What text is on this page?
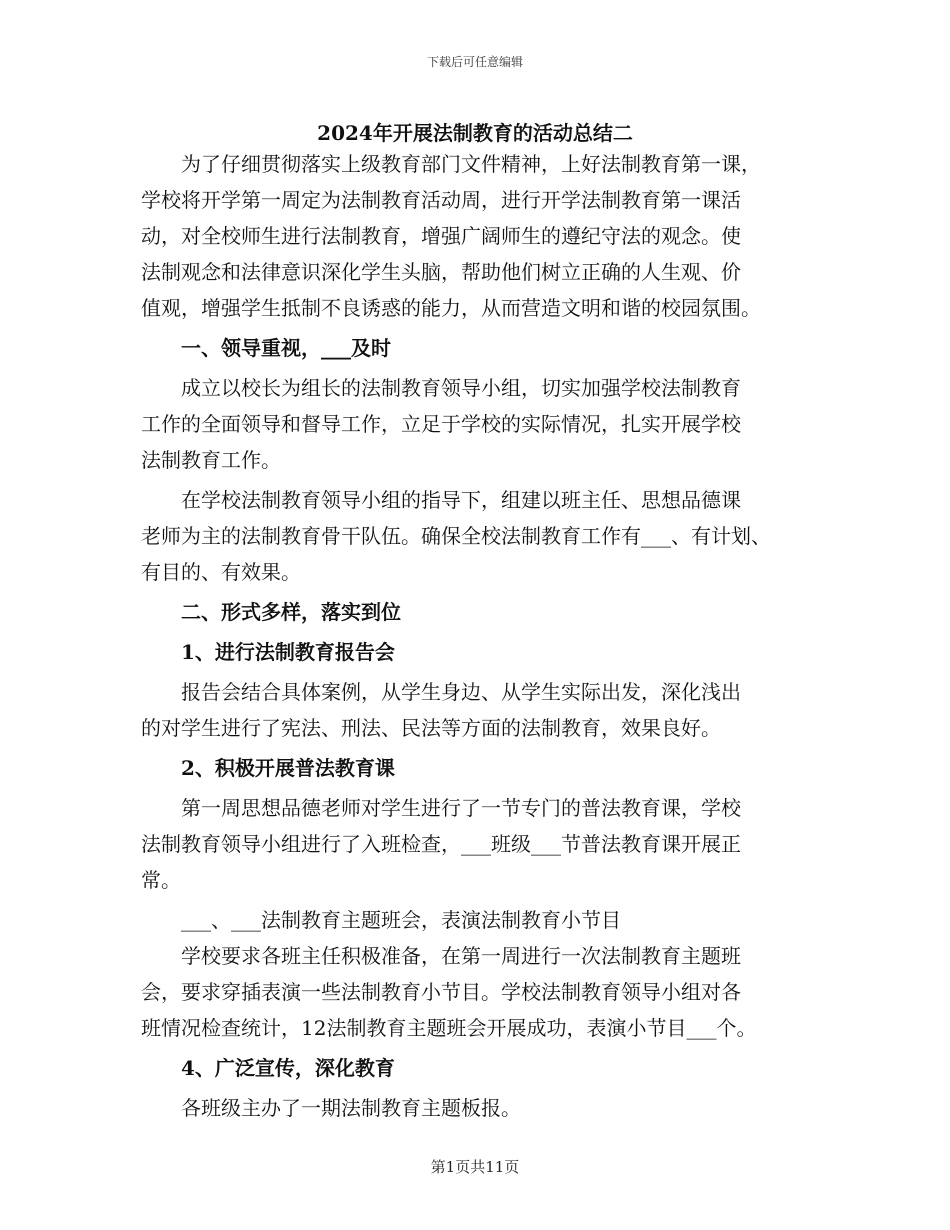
下载后可任意编辑
2024年开展法制教育的活动总结二

为了仔细贯彻落实上级教育部门文件精神，上好法制教育第一课，
学校将开学第一周定为法制教育活动周，进行开学法制教育第一课活
动，对全校师生进行法制教育，增强广阔师生的遵纪守法的观念。使
法制观念和法律意识深化学生头脑，帮助他们树立正确的人生观、价
值观，增强学生抵制不良诱惑的能力，从而营造文明和谐的校园氛围。

一、领导重视，___及时

成立以校长为组长的法制教育领导小组，切实加强学校法制教育
工作的全面领导和督导工作，立足于学校的实际情况，扎实开展学校
法制教育工作。

在学校法制教育领导小组的指导下，组建以班主任、思想品德课
老师为主的法制教育骨干队伍。确保全校法制教育工作有___、有计划、
有目的、有效果。

二、形式多样，落实到位

1、进行法制教育报告会

报告会结合具体案例，从学生身边、从学生实际出发，深化浅出
的对学生进行了宪法、刑法、民法等方面的法制教育，效果良好。

2、积极开展普法教育课

第一周思想品德老师对学生进行了一节专门的普法教育课，学校
法制教育领导小组进行了入班检查，___班级___节普法教育课开展正
常。

___、___法制教育主题班会，表演法制教育小节目

学校要求各班主任积极准备，在第一周进行一次法制教育主题班
会，要求穿插表演一些法制教育小节目。学校法制教育领导小组对各
班情况检查统计，12法制教育主题班会开展成功，表演小节目___个。

4、广泛宣传，深化教育

各班级主办了一期法制教育主题板报。

第1页共11页
